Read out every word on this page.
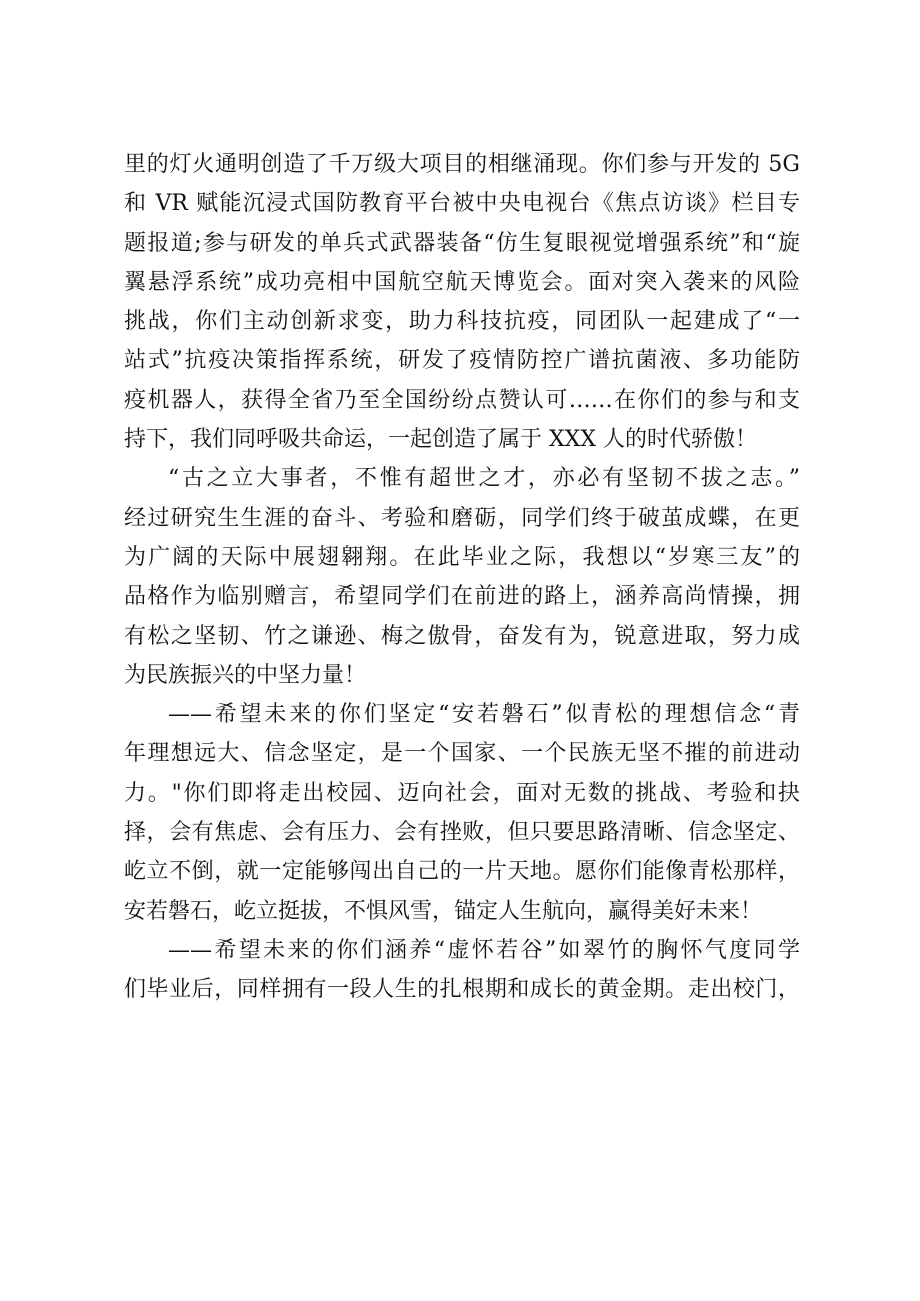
里的灯火通明创造了千万级大项目的相继涌现。你们参与开发的 5G
和 VR 赋能沉浸式国防教育平台被中央电视台《焦点访谈》栏目专
题报道;参与研发的单兵式武器装备“仿生复眼视觉增强系统”和“旋
翼悬浮系统”成功亮相中国航空航天博览会。面对突入袭来的风险
挑战，你们主动创新求变，助力科技抗疫，同团队一起建成了“一
站式”抗疫决策指挥系统，研发了疫情防控广谱抗菌液、多功能防
疫机器人，获得全省乃至全国纷纷点赞认可……在你们的参与和支
持下，我们同呼吸共命运，一起创造了属于 XXX 人的时代骄傲！
“古之立大事者，不惟有超世之才，亦必有坚韧不拔之志。”
经过研究生生涯的奋斗、考验和磨砺，同学们终于破茧成蝶，在更
为广阔的天际中展翅翱翔。在此毕业之际，我想以“岁寒三友”的
品格作为临别赠言，希望同学们在前进的路上，涵养高尚情操，拥
有松之坚韧、竹之谦逊、梅之傲骨，奋发有为，锐意进取，努力成
为民族振兴的中坚力量！
——希望未来的你们坚定“安若磐石”似青松的理想信念“青
年理想远大、信念坚定，是一个国家、一个民族无坚不摧的前进动
力。"你们即将走出校园、迈向社会，面对无数的挑战、考验和抉
择，会有焦虑、会有压力、会有挫败，但只要思路清晰、信念坚定、
屹立不倒，就一定能够闯出自己的一片天地。愿你们能像青松那样，
安若磐石，屹立挺拔，不惧风雪，锚定人生航向，赢得美好未来！
——希望未来的你们涵养“虚怀若谷”如翠竹的胸怀气度同学
们毕业后，同样拥有一段人生的扎根期和成长的黄金期。走出校门，
